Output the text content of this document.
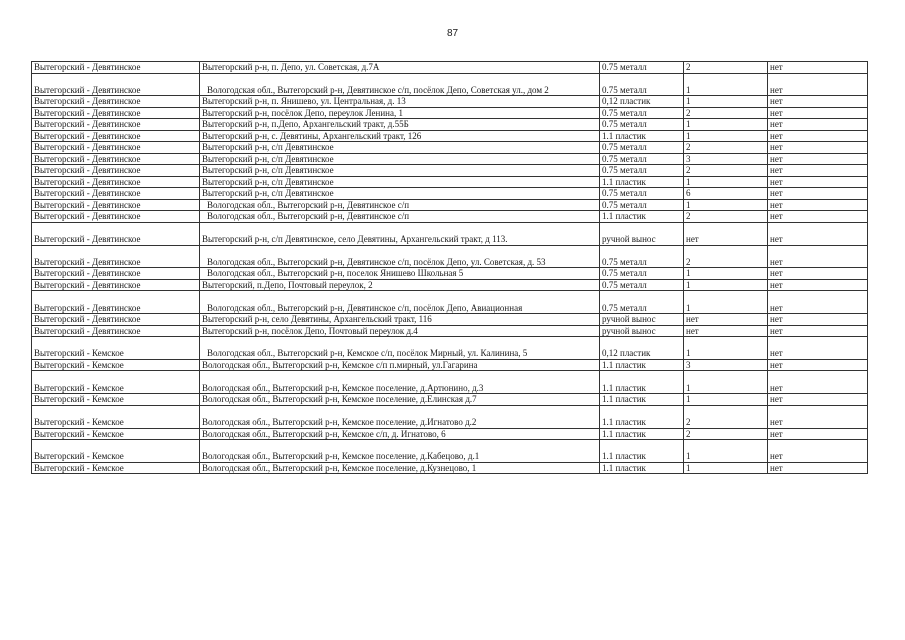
87
Вытегорский - Девятинское	Вытегорский р-н, п. Депо, ул. Советская, д.7А	0.75 металл	2	нет
Вытегорский - Девятинское	Вологодская обл., Вытегорский р-н, Девятинское с/п, посёлок Депо, Советская ул., дом 2	0.75 металл	1	нет
Вытегорский - Девятинское	Вытегорский р-н, п. Янишево, ул. Центральная, д. 13	0,12 пластик	1	нет
Вытегорский - Девятинское	Вытегорский р-н, посёлок Депо, переулок Ленина, 1	0.75 металл	2	нет
Вытегорский - Девятинское	Вытегорский р-н, п.Депо, Архангельский тракт, д.55Б	0.75 металл	1	нет
Вытегорский - Девятинское	Вытегорский р-н, с. Девятины, Архангельский тракт, 126	1.1 пластик	1	нет
Вытегорский - Девятинское	Вытегорский р-н, с/п Девятинское	0.75 металл	2	нет
Вытегорский - Девятинское	Вытегорский р-н, с/п Девятинское	0.75 металл	3	нет
Вытегорский - Девятинское	Вытегорский р-н, с/п Девятинское	0.75 металл	2	нет
Вытегорский - Девятинское	Вытегорский р-н, с/п Девятинское	1.1 пластик	1	нет
Вытегорский - Девятинское	Вытегорский р-н, с/п Девятинское	0.75 металл	6	нет
Вытегорский - Девятинское	Вологодская обл., Вытегорский р-н, Девятинское с/п	0.75 металл	1	нет
Вытегорский - Девятинское	Вологодская обл., Вытегорский р-н, Девятинское с/п	1.1 пластик	2	нет
Вытегорский - Девятинское	Вытегорский р-н, с/п Девятинское, село Девятины, Архангельский тракт, д 113.	ручной вынос	нет	нет
Вытегорский - Девятинское	Вологодская обл., Вытегорский р-н, Девятинское с/п, посёлок Депо, ул. Советская, д. 53	0.75 металл	2	нет
Вытегорский - Девятинское	Вологодская обл., Вытегорский р-н, поселок Янишево Школьная 5	0.75 металл	1	нет
Вытегорский - Девятинское	Вытегорский, п.Депо, Почтовый переулок, 2	0.75 металл	1	нет
Вытегорский - Девятинское	Вологодская обл., Вытегорский р-н, Девятинское с/п, посёлок Депо, Авиационная	0.75 металл	1	нет
Вытегорский - Девятинское	Вытегорский р-н, село Девятины, Архангельский тракт, 116	ручной вынос	нет	нет
Вытегорский - Девятинское	Вытегорский р-н, посёлок Депо, Почтовый переулок д.4	ручной вынос	нет	нет
Вытегорский - Кемское	Вологодская обл., Вытегорский р-н, Кемское с/п, посёлок Мирный, ул. Калинина, 5	0,12 пластик	1	нет
Вытегорский - Кемское	Вологодская обл., Вытегорский р-н, Кемское с/п п.мирный, ул.Гагарина	1.1 пластик	3	нет
Вытегорский - Кемское	Вологодская обл., Вытегорский р-н, Кемское поселение, д.Артюнино, д.3	1.1 пластик	1	нет
Вытегорский - Кемское	Вологодская обл., Вытегорский р-н, Кемское поселение, д.Елинская д.7	1.1 пластик	1	нет
Вытегорский - Кемское	Вологодская обл., Вытегорский р-н, Кемское поселение, д.Игнатово д.2	1.1 пластик	2	нет
Вытегорский - Кемское	Вологодская обл., Вытегорский р-н, Кемское с/п, д. Игнатово, 6	1.1 пластик	2	нет
Вытегорский - Кемское	Вологодская обл., Вытегорский р-н, Кемское поселение, д.Кабецово, д.1	1.1 пластик	1	нет
Вытегорский - Кемское	Вологодская обл., Вытегорский р-н, Кемское поселение, д.Кузнецово, 1	1.1 пластик	1	нет
